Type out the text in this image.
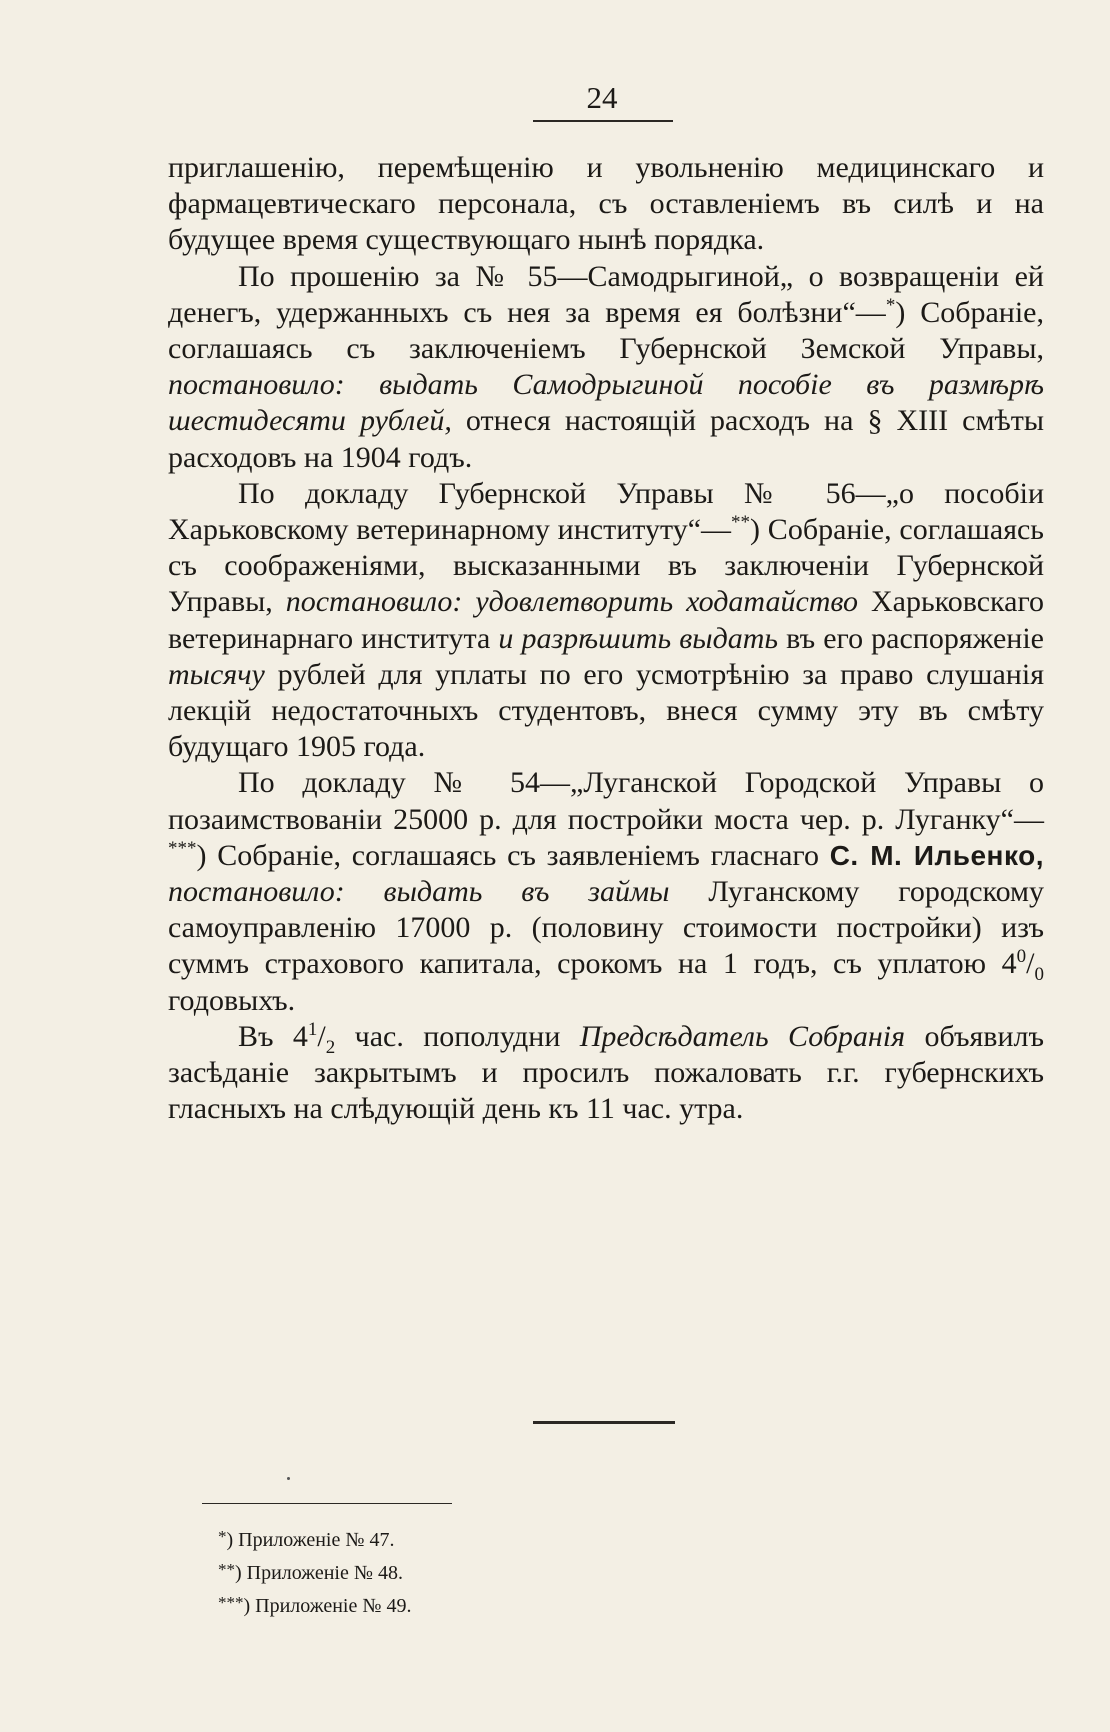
24

приглашенію, перемѣщенію и увольненію медицинскаго и фармацевтическаго персонала, съ оставленіемъ въ силѣ и на будущее время существующаго нынѣ порядка.

По прошенію за № 55—Самодрыгиной„ о возвращеніи ей денегъ, удержанныхъ съ нея за время ея болѣзни“—*) Собраніе, соглашаясь съ заключеніемъ Губернской Земской Управы, постановило: выдать Самодрыгиной пособіе въ размѣрѣ шестидесяти рублей, отнеся настоящій расходъ на § XIII смѣты расходовъ на 1904 годъ.

По докладу Губернской Управы № 56—„о пособіи Харьковскому ветеринарному институту“—**) Собраніе, соглашаясь съ соображеніями, высказанными въ заключеніи Губернской Управы, постановило: удовлетворить ходатайство Харьковскаго ветеринарнаго института и разрѣшить выдать въ его распоряженіе тысячу рублей для уплаты по его усмотрѣнію за право слушанія лекцій недостаточныхъ студентовъ, внеся сумму эту въ смѣту будущаго 1905 года.

По докладу № 54—„Луганской Городской Управы о позаимствованіи 25000 р. для постройки моста чер. р. Луганку“—***) Собраніе, соглашаясь съ заявленіемъ гласнаго С. М. Ильенко, постановило: выдать въ займы Луганскому городскому самоуправленію 17000 р. (половину стоимости постройки) изъ суммъ страхового капитала, срокомъ на 1 годъ, съ уплатою $4^0/_0$ годовыхъ.

Въ $4^1/_2$ час. пополудни Предсѣдатель Собранія объявилъ засѣданіе закрытымъ и просилъ пожаловать г.г. губернскихъ гласныхъ на слѣдующій день къ 11 час. утра.

*) Приложеніе № 47.
**) Приложеніе № 48.
***) Приложеніе № 49.
